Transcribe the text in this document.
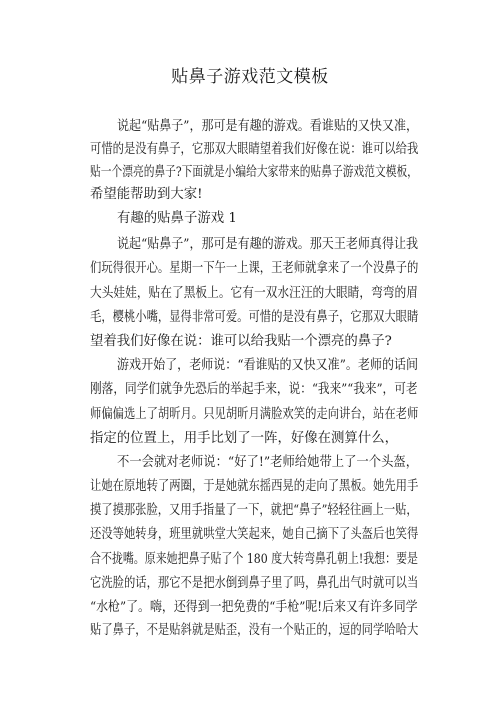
贴鼻子游戏范文模板
说起“贴鼻子”，那可是有趣的游戏。看谁贴的又快又准，
可惜的是没有鼻子，它那双大眼睛望着我们好像在说：谁可以给我
贴一个漂亮的鼻子?下面就是小编给大家带来的贴鼻子游戏范文模板，
希望能帮助到大家!
有趣的贴鼻子游戏 1
说起“贴鼻子”，那可是有趣的游戏。那天王老师真得让我
们玩得很开心。星期一下午一上课，王老师就拿来了一个没鼻子的
大头娃娃，贴在了黑板上。它有一双水汪汪的大眼睛，弯弯的眉
毛，樱桃小嘴，显得非常可爱。可惜的是没有鼻子，它那双大眼睛
望着我们好像在说：谁可以给我贴一个漂亮的鼻子?
游戏开始了，老师说：“看谁贴的又快又准”。老师的话间
刚落，同学们就争先恐后的举起手来，说：“我来”“我来”，可老
师偏偏选上了胡昕月。只见胡昕月满脸欢笑的走向讲台，站在老师
指定的位置上，用手比划了一阵，好像在测算什么，
不一会就对老师说：“好了!”老师给她带上了一个头盔，
让她在原地转了两圈，于是她就东摇西晃的走向了黑板。她先用手
摸了摸那张脸，又用手指量了一下，就把“鼻子”轻轻往画上一贴，
还没等她转身，班里就哄堂大笑起来，她自己摘下了头盔后也笑得
合不拢嘴。原来她把鼻子贴了个 180 度大转弯鼻孔朝上!我想：要是
它洗脸的话，那它不是把水倒到鼻子里了吗，鼻孔出气时就可以当
“水枪”了。嗨，还得到一把免费的“手枪”呢!后来又有许多同学
贴了鼻子，不是贴斜就是贴歪，没有一个贴正的，逗的同学哈哈大
